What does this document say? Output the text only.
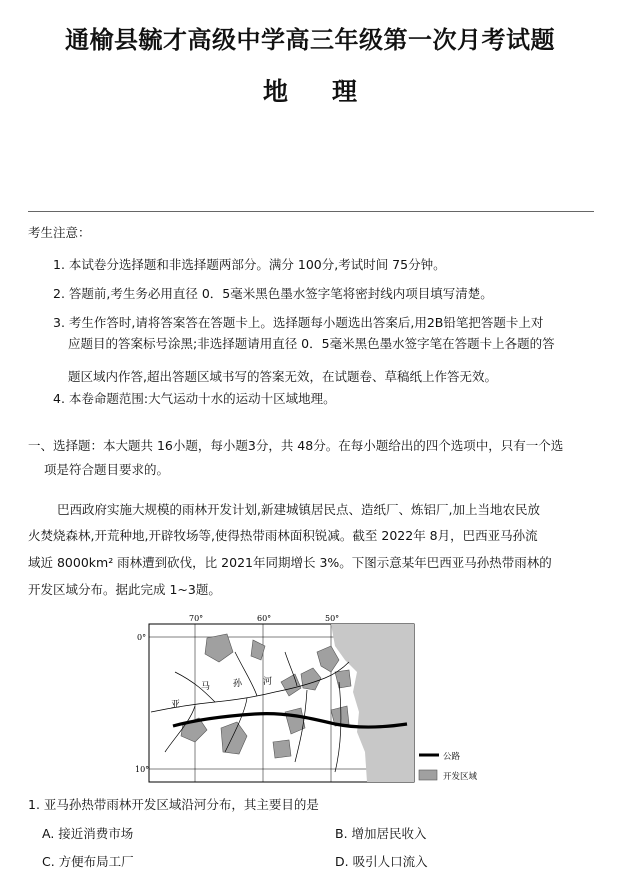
通榆县毓才高级中学高三年级第一次月考试题
地理
考生注意：
1. 本试卷分选择题和非选择题两部分。满分 100分,考试时间 75分钟。
2. 答题前,考生务必用直径 0．5毫米黑色墨水签字笔将密封线内项目填写清楚。
3. 考生作答时,请将答案答在答题卡上。选择题每小题选出答案后,用2B铅笔把答题卡上对
应题目的答案标号涂黑;非选择题请用直径 0．5毫米黑色墨水签字笔在答题卡上各题的答
题区域内作答,超出答题区域书写的答案无效，在试题卷、草稿纸上作答无效。
4. 本卷命题范围:大气运动十水的运动十区域地理。
一、选择题：本大题共 16小题，每小题3分，共 48分。在每小题给出的四个选项中，只有一个选
项是符合题目要求的。
巴西政府实施大规模的雨林开发计划,新建城镇居民点、造纸厂、炼铝厂,加上当地农民放
火焚烧森林,开荒种地,开辟牧场等,使得热带雨林面积锐减。截至 2022年 8月，巴西亚马孙流
域近 8000km² 雨林遭到砍伐，比 2021年同期增长 3%。下图示意某年巴西亚马孙热带雨林的
开发区域分布。据此完成 1~3题。
70°	60°	50°
0°
10°
马	孙 河
亚
公路
开发区域
1. 亚马孙热带雨林开发区域沿河分布，其主要目的是
A. 接近消费市场	B. 增加居民收入
C. 方便布局工厂	D. 吸引人口流入
